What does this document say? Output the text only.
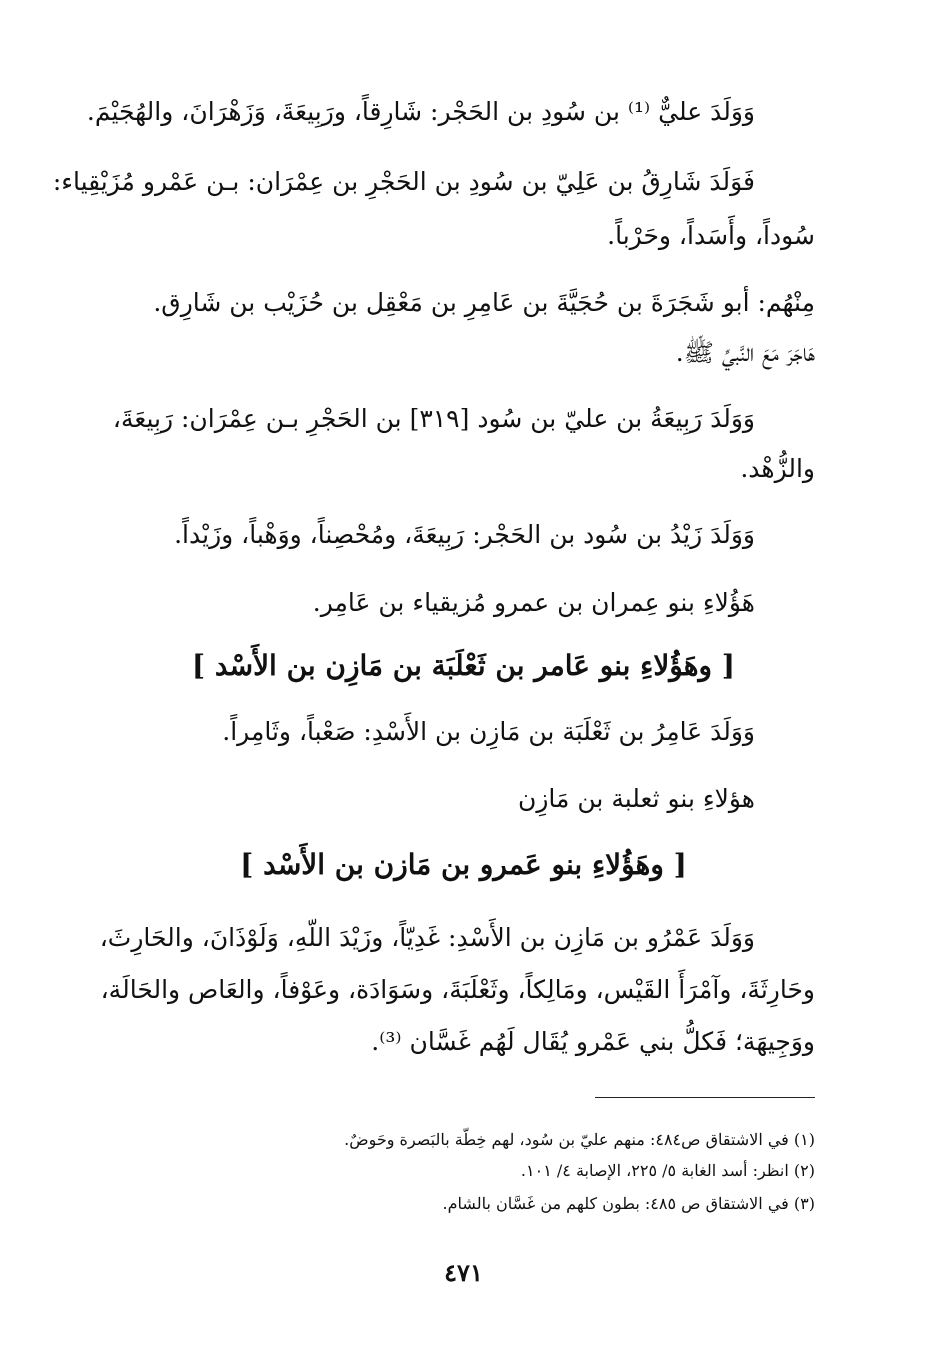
وَوَلَدَ عليٌّ ⁽¹⁾ بن سُودِ بن الحَجْر: شَارِقاً، ورَبِيعَةَ، وَزَهْرَانَ، والهُجَيْمَ.
فَوَلَدَ شَارِقُ بن عَلِيّ بن سُودِ بن الحَجْرِ بن عِمْرَان: بـن عَمْرو مُزَيْقِياء:
سُوداً، وأَسَداً، وحَرْباً.
مِنْهُم: أبو شَجَرَةَ بن حُجَيَّةَ بن عَامِرِ بن مَعْقِل بن حُزَيْب بن شَارِق.
هَاجَرَ مَعَ النَّبيِّ ﷺ.
وَوَلَدَ رَبِيعَةُ بن عليّ بن سُود [٣١٩] بن الحَجْرِ بـن عِمْرَان: رَبِيعَةَ،
والزُّهْد.
وَوَلَدَ زَيْدُ بن سُود بن الحَجْر: رَبِيعَةَ، ومُحْصِناً، ووَهْباً، وزَيْداً.
هَؤُلاءِ بنو عِمران بن عمرو مُزيقياء بن عَامِر.
[ وهَؤُلاءِ بنو عَامر بن ثَعْلَبَة بن مَازِن بن الأَسْد ]
وَوَلَدَ عَامِرُ بن ثَعْلَبَة بن مَازِن بن الأَسْدِ: صَعْباً، وثَامِراً.
هؤلاءِ بنو ثعلبة بن مَازِن
[ وهَؤُلاءِ بنو عَمرو بن مَازن بن الأَسْد ]
وَوَلَدَ عَمْرُو بن مَازِن بن الأَسْدِ: غَدِيّاً، وزَيْدَ اللّهِ، وَلَوْذَانَ، والحَارِثَ،
وحَارِثَةَ، وآمْرَأَ القَيْس، ومَالِكاً، وثَعْلَبَةَ، وسَوَادَة، وعَوْفاً، والعَاص والحَالَة،
ووَجِيهَة؛ فَكلُّ بني عَمْرو يُقَال لَهُم غَسَّان ⁽³⁾.
(١) في الاشتقاق ص٤٨٤: منهم عليّ بن سُود، لهم خِطّة بالبَصرة وحَوضٌ.
(٢) انظر: أسد الغابة ٥/ ٢٢٥، الإصابة ٤/ ١٠١.
(٣) في الاشتقاق ص ٤٨٥: بطون كلهم من غَسَّان بالشام.
٤٧١
